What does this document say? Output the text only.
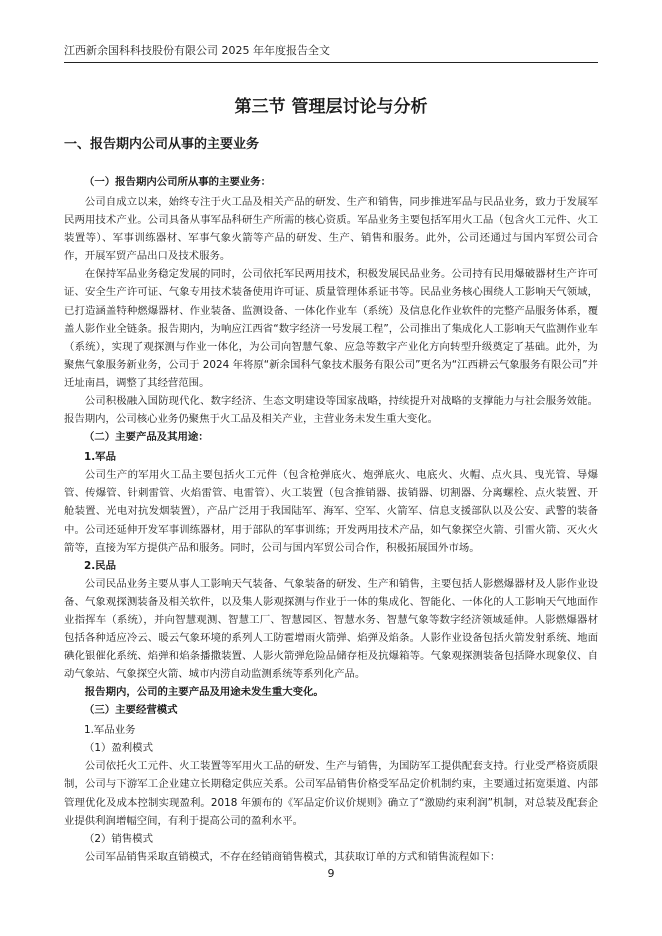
江西新余国科科技股份有限公司 2025 年年度报告全文
第三节 管理层讨论与分析
一、报告期内公司从事的主要业务
（一）报告期内公司所从事的主要业务：

公司自成立以来，始终专注于火工品及相关产品的研发、生产和销售，同步推进军品与民品业务，致力于发展军民两用技术产业。公司具备从事军品科研生产所需的核心资质。军品业务主要包括军用火工品（包含火工元件、火工装置等）、军事训练器材、军事气象火箭等产品的研发、生产、销售和服务。此外，公司还通过与国内军贸公司合作，开展军贸产品出口及技术服务。

在保持军品业务稳定发展的同时，公司依托军民两用技术，积极发展民品业务。公司持有民用爆破器材生产许可证、安全生产许可证、气象专用技术装备使用许可证、质量管理体系证书等。民品业务核心围绕人工影响天气领域，已打造涵盖特种燃爆器材、作业装备、监测设备、一体化作业车（系统）及信息化作业软件的完整产品服务体系，覆盖人影作业全链条。报告期内，为响应江西省“数字经济一号发展工程”，公司推出了集成化人工影响天气监测作业车（系统），实现了观探测与作业一体化，为公司向智慧气象、应急等数字产业化方向转型升级奠定了基础。此外，为聚焦气象服务新业务，公司于 2024 年将原“新余国科气象技术服务有限公司”更名为“江西耕云气象服务有限公司”并迁址南昌，调整了其经营范围。

公司积极融入国防现代化、数字经济、生态文明建设等国家战略，持续提升对战略的支撑能力与社会服务效能。报告期内，公司核心业务仍聚焦于火工品及相关产业，主营业务未发生重大变化。

（二）主要产品及其用途：
1.军品

公司生产的军用火工品主要包括火工元件（包含枪弹底火、炮弹底火、电底火、火帽、点火具、曳光管、导爆管、传爆管、针刺雷管、火焰雷管、电雷管）、火工装置（包含推销器、拔销器、切割器、分离螺栓、点火装置、开舱装置、光电对抗发烟装置），产品广泛用于我国陆军、海军、空军、火箭军、信息支援部队以及公安、武警的装备中。公司还延伸开发军事训练器材，用于部队的军事训练；开发两用技术产品，如气象探空火箭、引雷火箭、灭火火箭等，直接为军方提供产品和服务。同时，公司与国内军贸公司合作，积极拓展国外市场。

2.民品

公司民品业务主要从事人工影响天气装备、气象装备的研发、生产和销售，主要包括人影燃爆器材及人影作业设备、气象观探测装备及相关软件，以及集人影观探测与作业于一体的集成化、智能化、一体化的人工影响天气地面作业指挥车（系统），并向智慧观测、智慧工厂、智慧园区、智慧水务、智慧气象等数字经济领域延伸。人影燃爆器材包括各种适应冷云、暖云气象环境的系列人工防雹增雨火箭弹、焰弹及焰条。人影作业设备包括火箭发射系统、地面碘化银催化系统、焰弹和焰条播撒装置、人影火箭弹危险品储存柜及抗爆箱等。气象观探测装备包括降水现象仪、自动气象站、气象探空火箭、城市内涝自动监测系统等系列化产品。

报告期内，公司的主要产品及用途未发生重大变化。

（三）主要经营模式
1.军品业务
（1）盈利模式

公司依托火工元件、火工装置等军用火工品的研发、生产与销售，为国防军工提供配套支持。行业受严格资质限制，公司与下游军工企业建立长期稳定供应关系。公司军品销售价格受军品定价机制约束，主要通过拓宽渠道、内部管理优化及成本控制实现盈利。2018 年颁布的《军品定价议价规则》确立了“激励约束利润”机制，对总装及配套企业提供利润增幅空间，有利于提高公司的盈利水平。

（2）销售模式

公司军品销售采取直销模式，不存在经销商销售模式，其获取订单的方式和销售流程如下：

9
